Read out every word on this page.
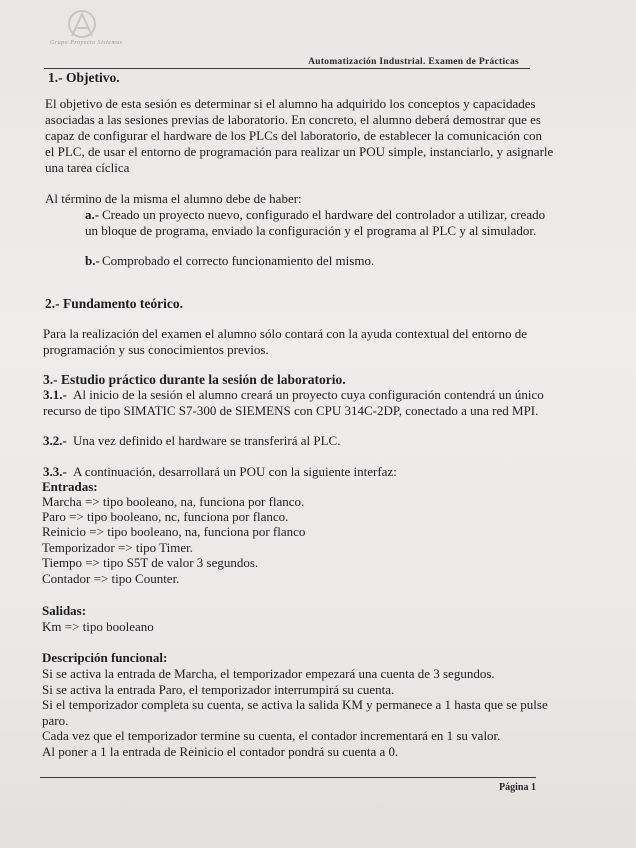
Grupo Proyecto Sistemas
Automatización Industrial. Examen de Prácticas
1.- Objetivo.
El objetivo de esta sesión es determinar si el alumno ha adquirido los conceptos y capacidades
asociadas a las sesiones previas de laboratorio. En concreto, el alumno deberá demostrar que es
capaz de configurar el hardware de los PLCs del laboratorio, de establecer la comunicación con
el PLC, de usar el entorno de programación para realizar un POU simple, instanciarlo, y asignarle
una tarea cíclica
Al término de la misma el alumno debe de haber:
a.- Creado un proyecto nuevo, configurado el hardware del controlador a utilizar, creado
un bloque de programa, enviado la configuración y el programa al PLC y al simulador.
b.- Comprobado el correcto funcionamiento del mismo.
2.- Fundamento teórico.
Para la realización del examen el alumno sólo contará con la ayuda contextual del entorno de
programación y sus conocimientos previos.
3.- Estudio práctico durante la sesión de laboratorio.
3.1.- Al inicio de la sesión el alumno creará un proyecto cuya configuración contendrá un único
recurso de tipo SIMATIC S7-300 de SIEMENS con CPU 314C-2DP, conectado a una red MPI.
3.2.- Una vez definido el hardware se transferirá al PLC.
3.3.- A continuación, desarrollará un POU con la siguiente interfaz:
Entradas:
Marcha => tipo booleano, na, funciona por flanco.
Paro => tipo booleano, nc, funciona por flanco.
Reinicio => tipo booleano, na, funciona por flanco
Temporizador => tipo Timer.
Tiempo => tipo S5T de valor 3 segundos.
Contador => tipo Counter.
Salidas:
Km => tipo booleano
Descripción funcional:
Si se activa la entrada de Marcha, el temporizador empezará una cuenta de 3 segundos.
Si se activa la entrada Paro, el temporizador interrumpirá su cuenta.
Si el temporizador completa su cuenta, se activa la salida KM y permanece a 1 hasta que se pulse
paro.
Cada vez que el temporizador termine su cuenta, el contador incrementará en 1 su valor.
Al poner a 1 la entrada de Reinicio el contador pondrá su cuenta a 0.
Página 1
